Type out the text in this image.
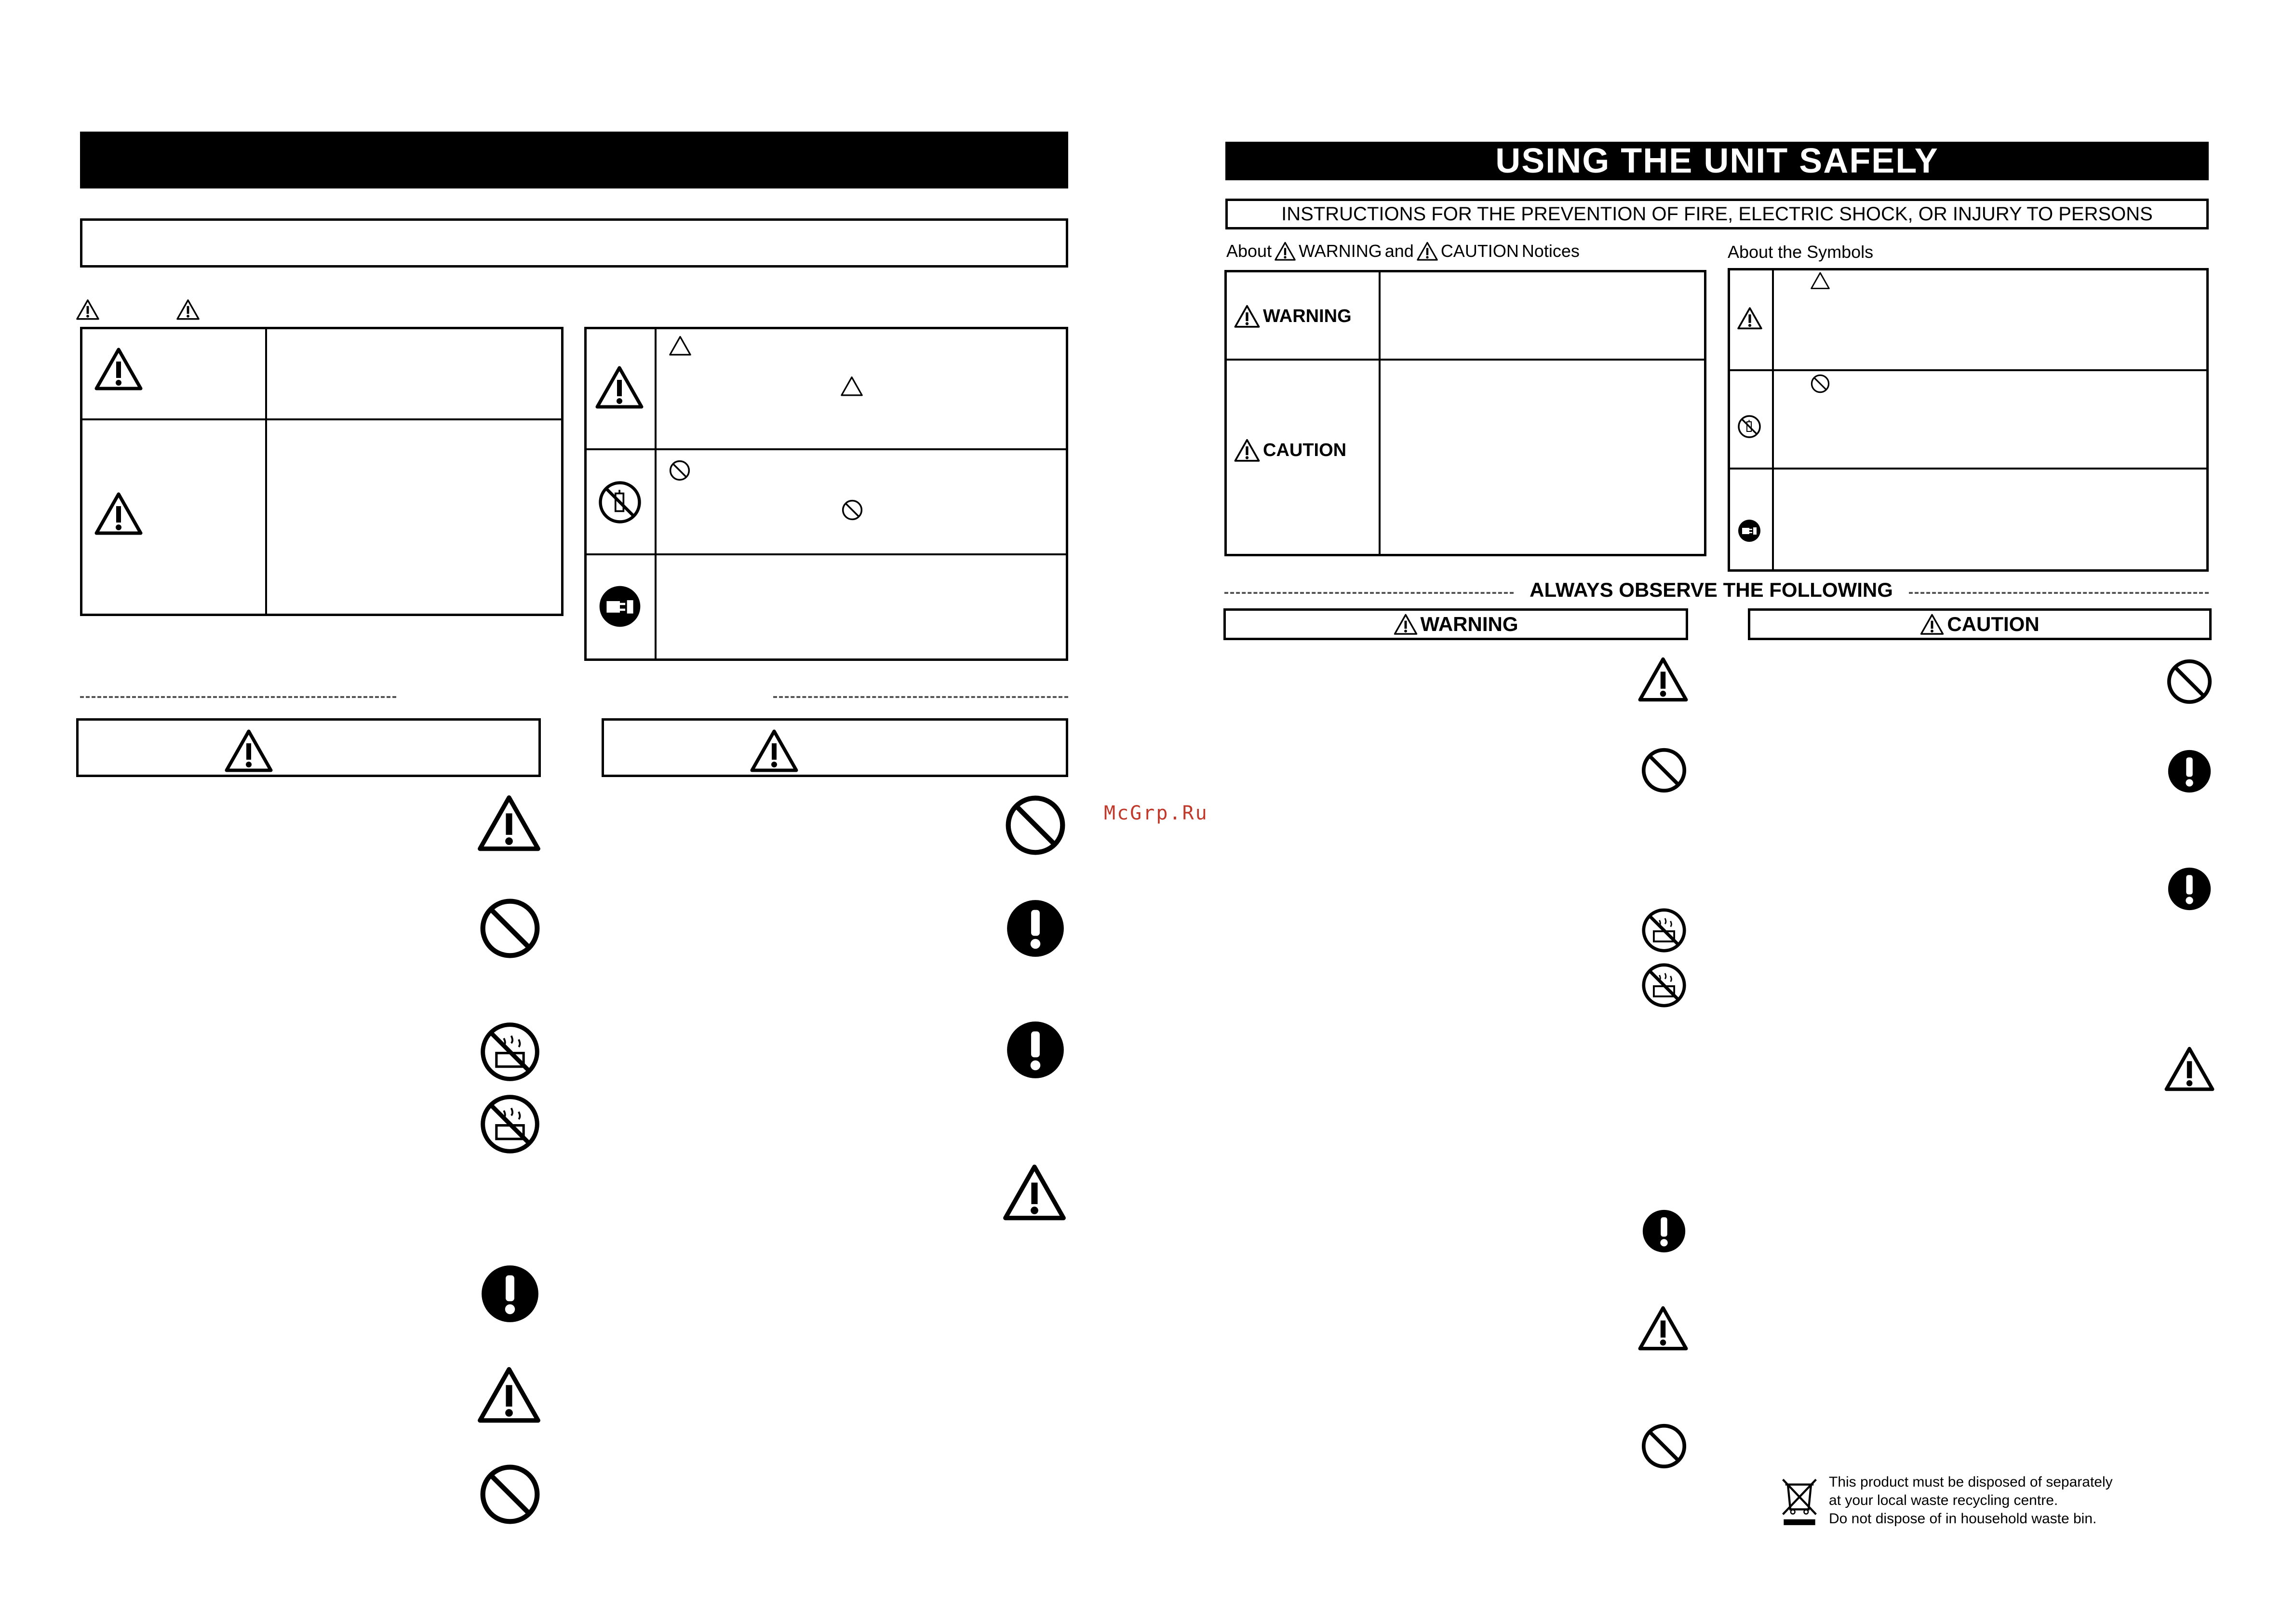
McGrp.Ru
USING THE UNIT SAFELY
INSTRUCTIONS FOR THE PREVENTION OF FIRE, ELECTRIC SHOCK, OR INJURY TO PERSONS
About WARNING and CAUTION Notices	About the Symbols
WARNING
CAUTION
ALWAYS OBSERVE THE FOLLOWING
WARNING	CAUTION
This product must be disposed of separately
at your local waste recycling centre.
Do not dispose of in household waste bin.
